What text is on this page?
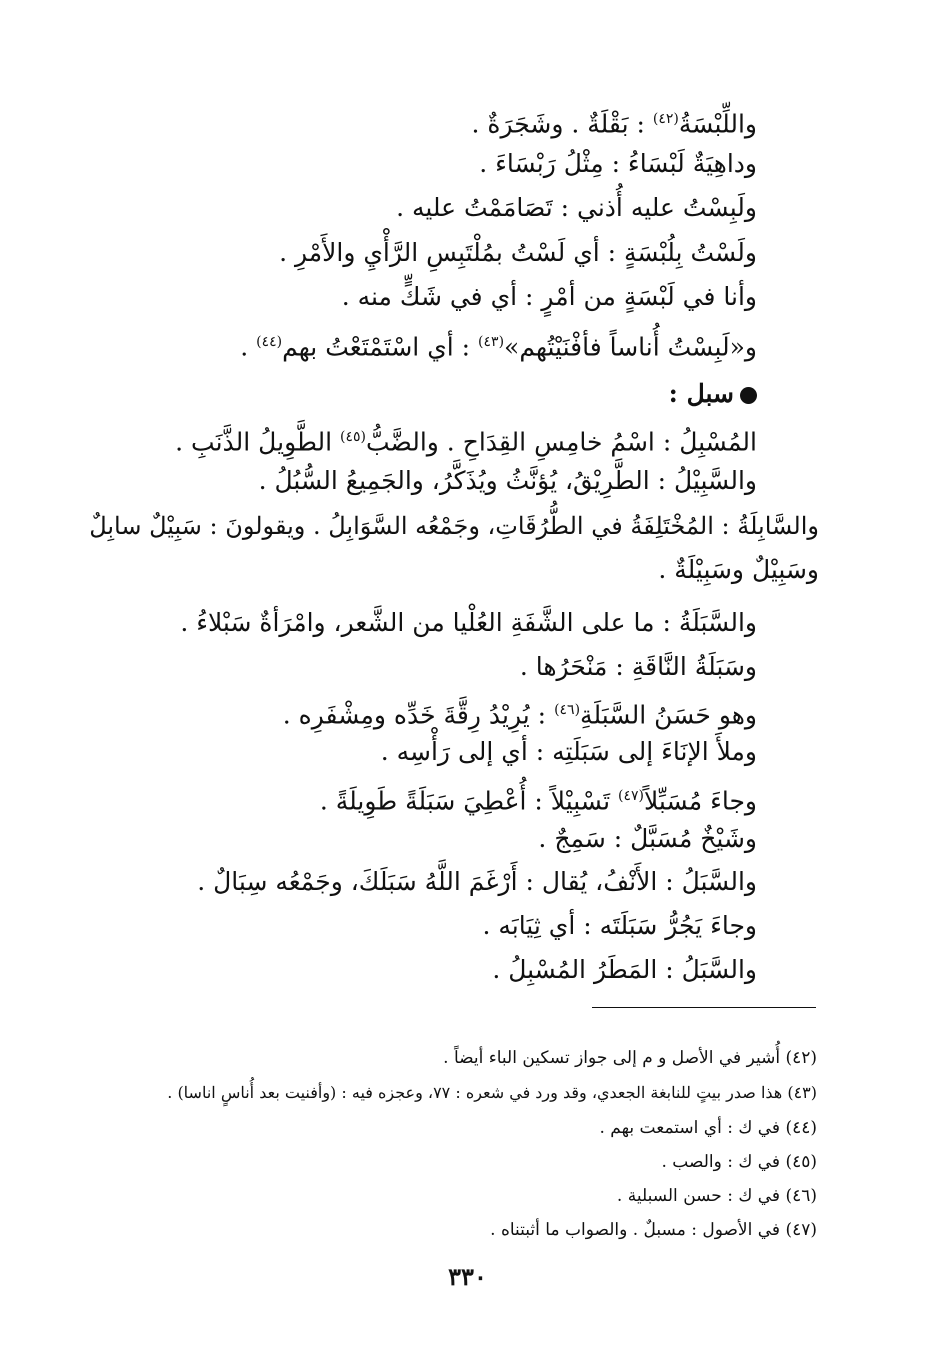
واللِّبْسَةُ$^{(٤٢)}$ : بَقْلَةٌ . وشَجَرَةٌ .
وداهِيَةٌ لَبْسَاءُ : مِثْلُ رَبْسَاءَ .
ولَبِسْتُ عليه أُذني : تَصَامَمْتُ عليه .
ولَسْتُ بِلُبْسَةٍ : أي لَسْتُ بمُلْتَبِسِ الرَّأْيِ والأَمْرِ .
وأنا في لَبْسَةٍ من أمْرٍ : أي في شَكٍّ منه .
و«لَبِسْتُ أُناساً فأفْنَيْتُهم»$^{(٤٣)}$ : أي اسْتَمْتَعْتُ بهم$^{(٤٤)}$ .
سبل :
المُسْبِلُ : اسْمُ خامِسِ القِدَاحِ . والضَّبُّ$^{(٤٥)}$ الطَّوِيلُ الذَّنَبِ .
والسَّبِيْلُ : الطَّرِيْقُ، يُؤنَّثُ ويُذَكَّرُ، والجَمِيعُ السُّبُلُ .
والسَّابِلَةُ : المُخْتَلِفَةُ في الطُّرُقَاتِ، وجَمْعُه السَّوَابِلُ . ويقولونَ : سَبِيْلٌ سابِلٌ
وسَبِيْلٌ وسَبِيْلَةٌ .
والسَّبَلَةُ : ما على الشَّفَةِ العُلْيا من الشَّعر، وامْرَأةٌ سَبْلاءُ .
وسَبَلَةُ النَّاقَةِ : مَنْحَرُها .
وهو حَسَنُ السَّبَلَةِ$^{(٤٦)}$ : يُرِيْدُ رِقَّةَ خَدِّه ومِشْفَرِه .
وملأَ الإنَاءَ إلى سَبَلَتِه : أي إلى رَأْسِه .
وجاءَ مُسَبِّلاً$^{(٤٧)}$ تَسْبِيْلاً : أُعْطِيَ سَبَلَةً طَوِيلَةً .
وشَيْخٌ مُسَبَّلٌ : سَمِجٌ .
والسَّبَلُ : الأَنْفُ، يُقال : أَرْغَمَ اللَّهُ سَبَلَكَ، وجَمْعُه سِبَالٌ .
وجاءَ يَجُرُّ سَبَلَتَه : أي ثِيَابَه .
والسَّبَلُ : المَطَرُ المُسْبِلُ .
(٤٢) أُشير في الأصل و م إلى جواز تسكين الباء أيضاً .
(٤٣) هذا صدر بيتٍ للنابغة الجعدي، وقد ورد في شعره : ٧٧، وعجزه فيه : (وأفنيت بعد أُناسٍ اناسا) .
(٤٤) في ك : أي استمعت بهم .
(٤٥) في ك : والصب .
(٤٦) في ك : حسن السبلية .
(٤٧) في الأصول : مسبلٌ . والصواب ما أثبتناه .
٣٣٠
